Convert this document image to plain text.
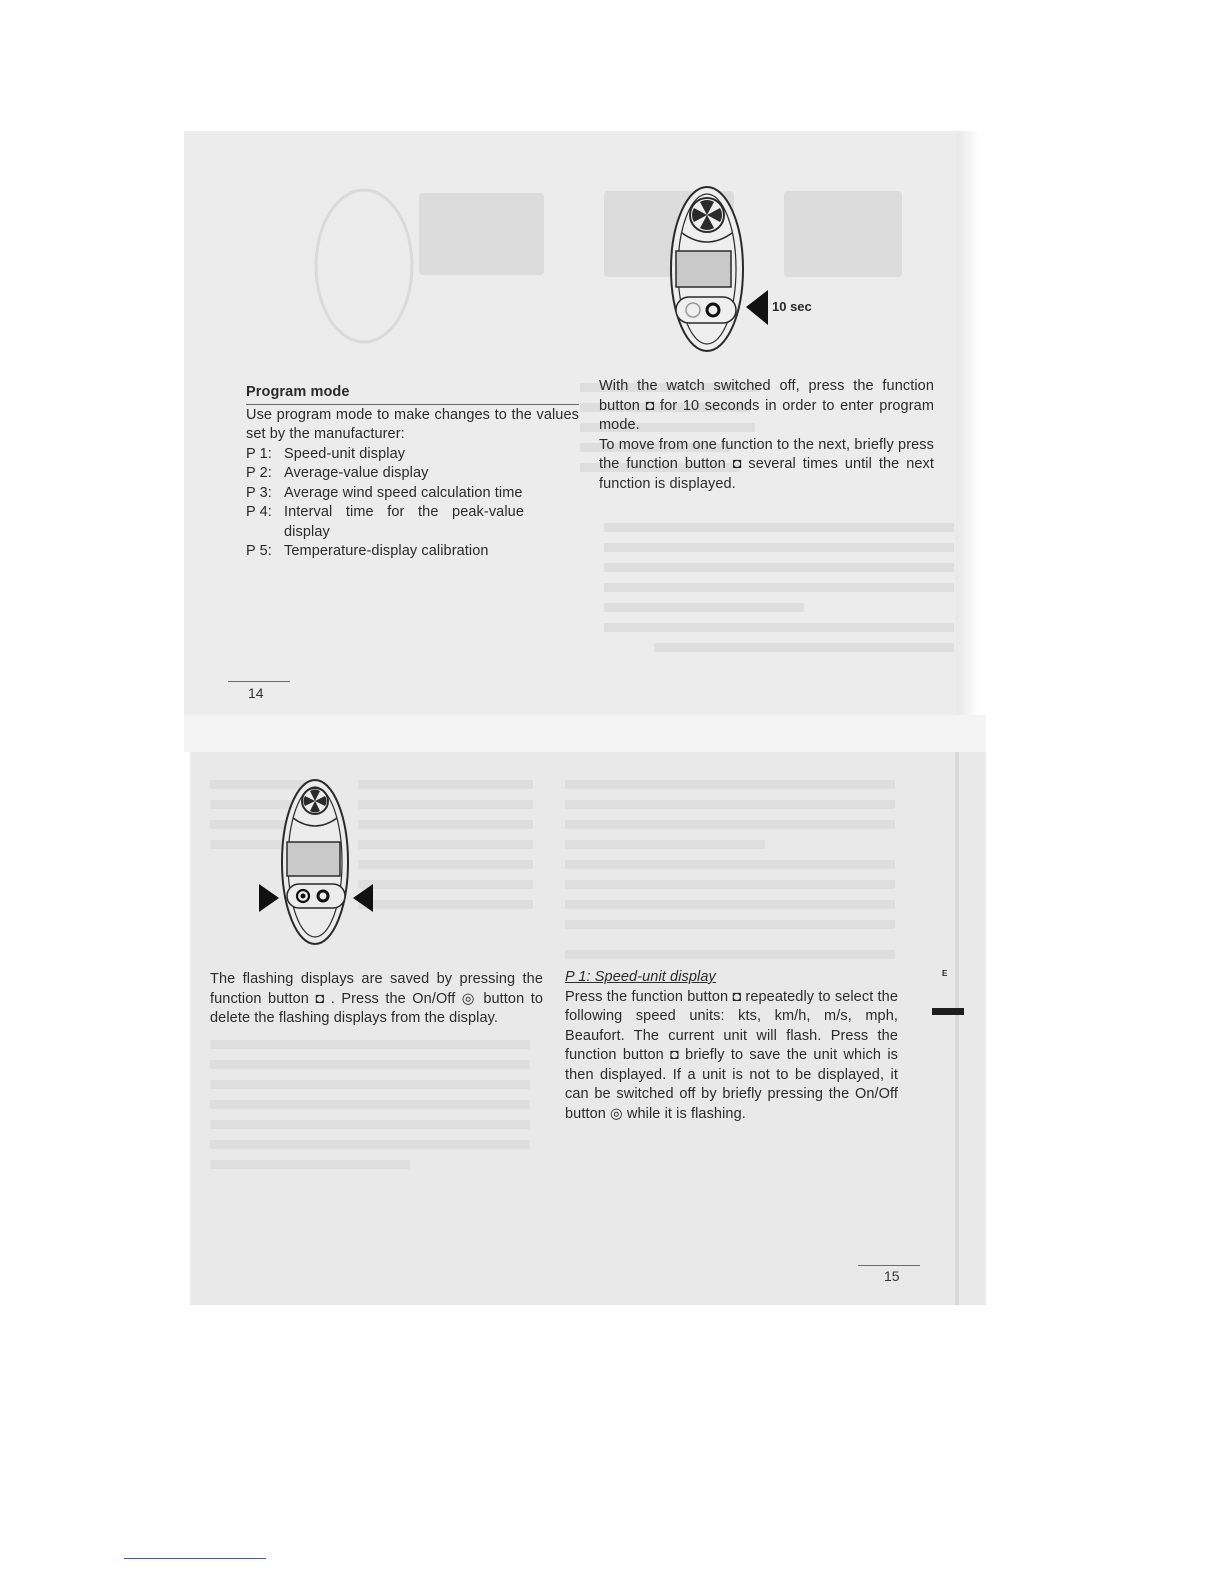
10 sec
Program mode
Use program mode to make changes to the values set by the manufacturer:
P 1: Speed-unit display
P 2: Average-value display
P 3: Average wind speed calculation time
P 4: Interval time for the peak-value display
P 5: Temperature-display calibration
With the watch switched off, press the function button ◘ for 10 seconds in order to enter program mode.
To move from one function to the next, briefly press the function button ◘ several times until the next function is displayed.
14
The flashing displays are saved by pressing the function button ◘ . Press the On/Off ◎ button to delete the flashing displays from the display.
P 1: Speed-unit display
Press the function button ◘ repeatedly to select the following speed units: kts, km/h, m/s, mph, Beaufort. The current unit will flash. Press the function button ◘ briefly to save the unit which is then displayed. If a unit is not to be displayed, it can be switched off by briefly pressing the On/Off button ◎ while it is flashing.
E
15
